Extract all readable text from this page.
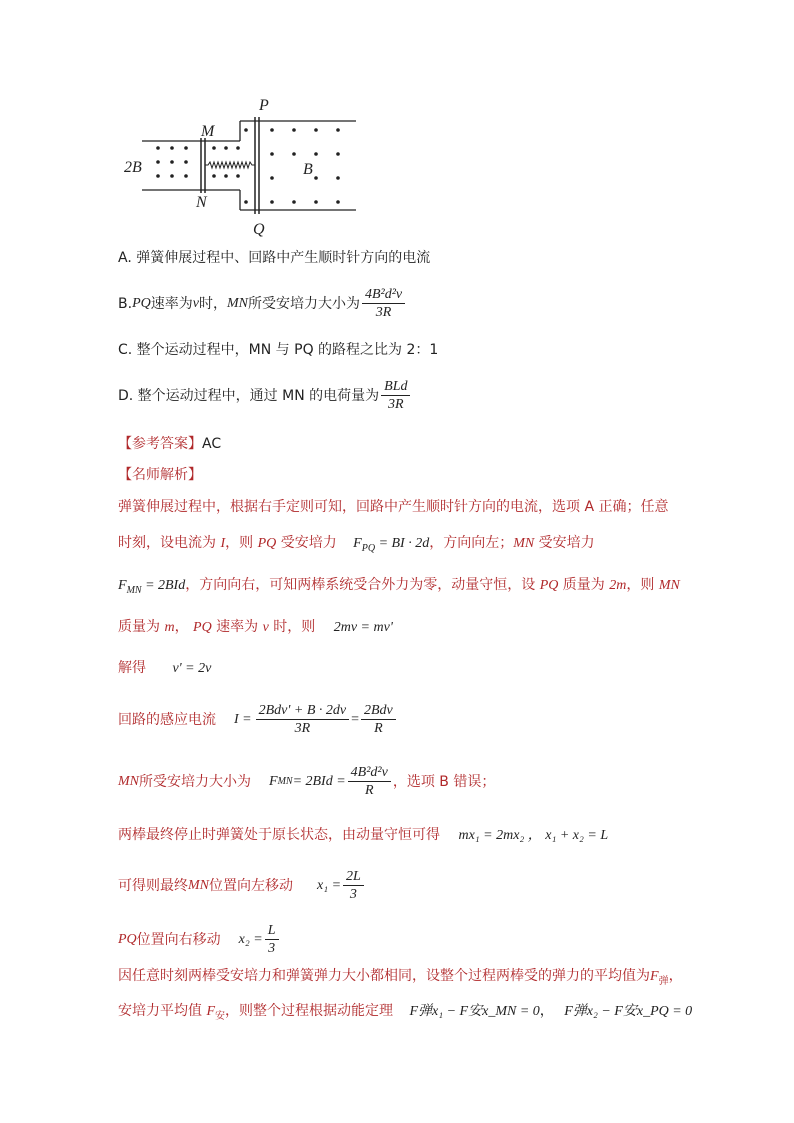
P
Q
M
N
2B	B
A. 弹簧伸展过程中、回路中产生顺时针方向的电流
B. PQ 速率为 v 时， MN 所受安培力大小为 $\frac{\text{4B²d²v}}{3R}$
C. 整个运动过程中，MN 与 PQ 的路程之比为 2：1
D. 整个运动过程中，通过 MN 的电荷量为 $\frac{\text{BLd}}{3R}$
【参考答案】AC
【名师解析】
弹簧伸展过程中，根据右手定则可知，回路中产生顺时针方向的电流，选项 A 正确；任意
时刻，设电流为 I，则 PQ 受安培力 $F_{PQ}$ = BI · 2d，方向向左；MN 受安培力
$F_{MN} = 2BId$，方向向右，可知两棒系统受合外力为零，动量守恒，设 PQ 质量为 2m，则 MN
质量为 m， PQ 速率为 v 时，则 2mv = mv'
解得 v' = 2v
回路的感应电流 $I = \frac{\text{2Bdv' + B · 2dv}}{3R} = \frac{\text{2Bdv}}{R}$
MN 所受安培力大小为 F MN = $2BId = \frac{\text{4B²d²v}}{R}$ ，选项 B 错误；
两棒最终停止时弹簧处于原长状态，由动量守恒可得 mx₁ = 2mx₂ ， x₁ + x₂ = L
可得则最终 MN 位置向左移动 $x_1 = \frac{2L}{3}$
PQ 位置向右移动 $x_2 = \frac{L}{3}$
因任意时刻两棒受安培力和弹簧弹力大小都相同，设整个过程两棒受的弹力的平均值为$F_弹$，
安培力平均值 $F_安$，则整个过程根据动能定理 F弹x₁ − F安x_MN = 0， F弹x₂ − F安x_PQ = 0
